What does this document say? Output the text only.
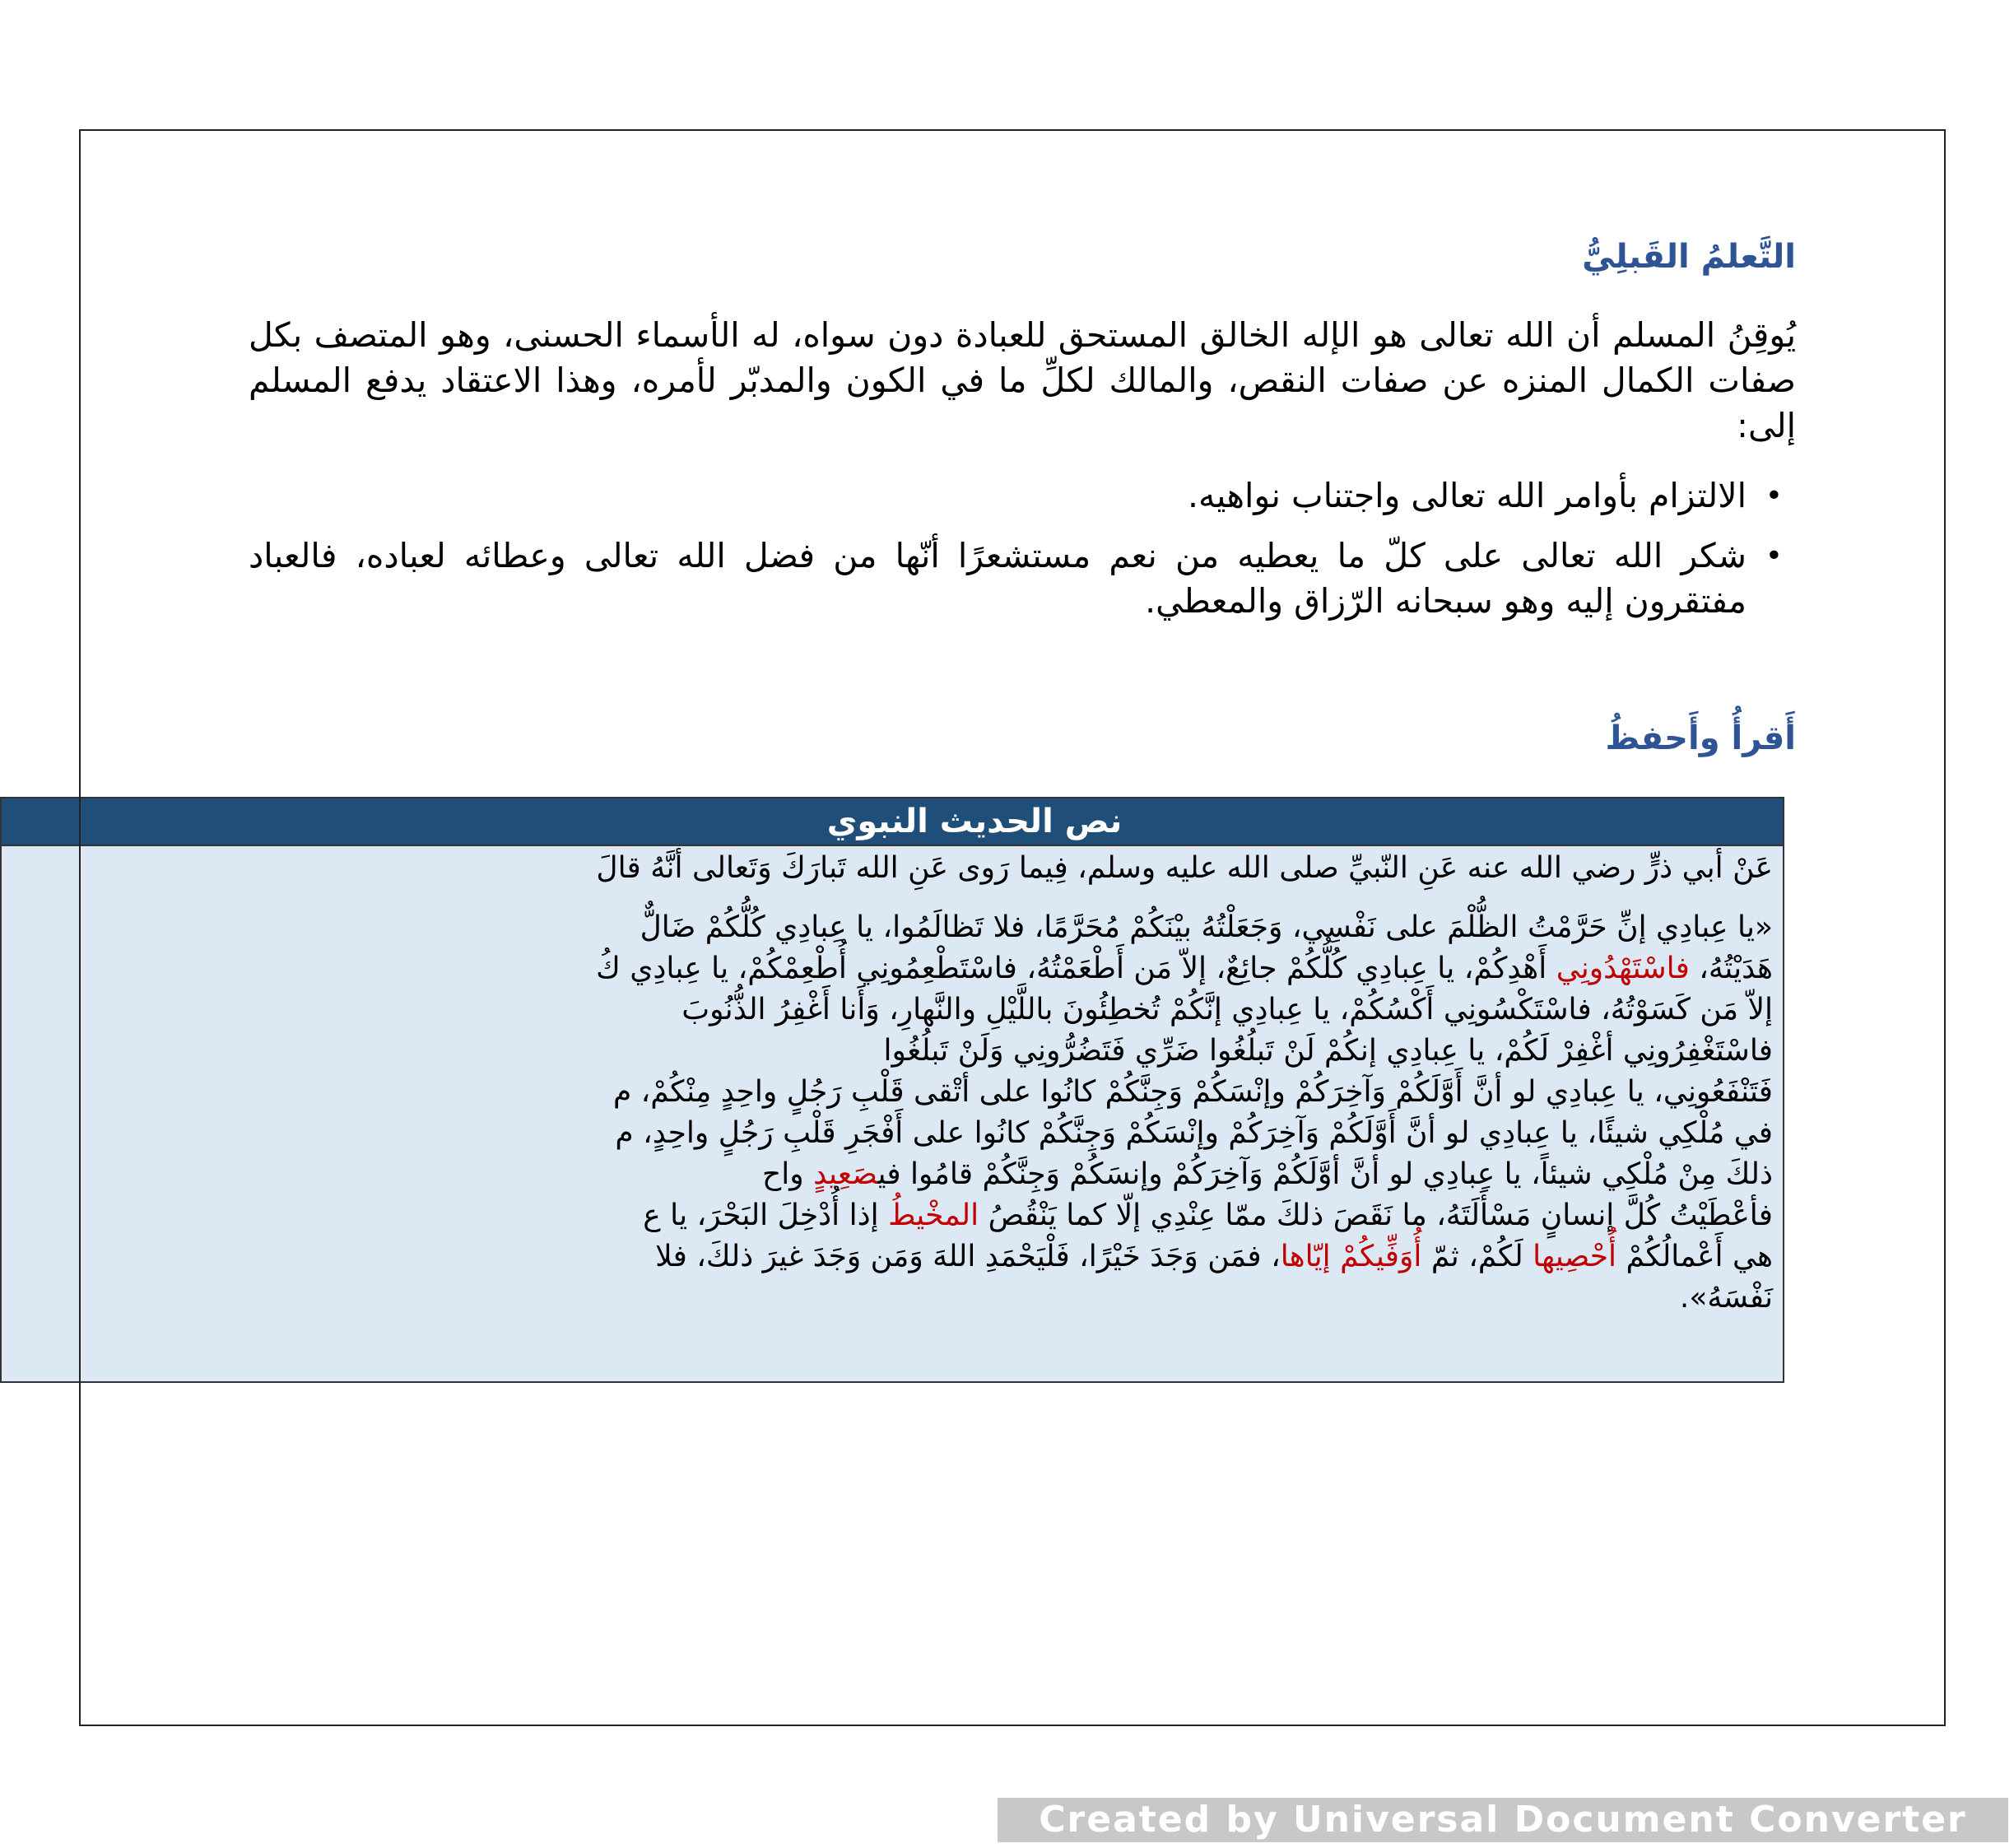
التَّعلمُ القَبلِيُّ
يُوقِنُ المسلم أن الله تعالى هو الإله الخالق المستحق للعبادة دون سواه، له الأسماء الحسنى، وهو المتصف بكل صفات الكمال المنزه عن صفات النقص، والمالك لكلِّ ما في الكون والمدبّر لأمره، وهذا الاعتقاد يدفع المسلم إلى:
•
الالتزام بأوامر الله تعالى واجتناب نواهيه.
•
شكر الله تعالى على كلّ ما يعطيه من نعم مستشعرًا أنّها من فضل الله تعالى وعطائه لعباده، فالعباد مفتقرون إليه وهو سبحانه الرّزاق والمعطي.
أَقرأُ وأَحفظُ
نص الحديث النبوي
عَنْ أبي ذرٍّ رضي الله عنه عَنِ النّبيِّ صلى الله عليه وسلم، فِيما رَوى عَنِ الله تَبارَكَ وَتَعالى أنَّهُ قالَ
«يا عِبادِي إنِّ حَرَّمْتُ الظُّلْمَ على نَفْسِي، وَجَعَلْتُهُ بيْنَكُمْ مُحَرَّمًا، فلا تَظالَمُوا، يا عِبادِي كُلُّكُمْ ضَالٌّ
هَدَيْتُهُ، فاسْتَهْدُونِي أَهْدِكُمْ، يا عِبادِي كُلُّكُمْ جائِعٌ، إلاّ مَن أَطْعَمْتُهُ، فاسْتَطْعِمُونِي أُطْعِمْكُمْ، يا عِبادِي كُ
إلاّ مَن كَسَوْتُهُ، فاسْتَكْسُونِي أَكْسُكُمْ، يا عِبادِي إنَّكُمْ تُخطِئُونَ باللَّيْلِ والنَّهارِ، وَأَنا أَغْفِرُ الذُّنُوبَ
فاسْتَغْفِرُونِي أغْفِرْ لَكُمْ، يا عِبادِي إنكُمْ لَنْ تَبلُغُوا ضَرِّي فَتَضُرُّونِي وَلَنْ تَبلُغُوا
فَتَنْفَعُونِي، يا عِبادِي لو أنَّ أَوَّلَكُمْ وَآخِرَكُمْ وإنْسَكُمْ وَجِنَّكُمْ كانُوا على أتْقى قَلْبِ رَجُلٍ واحِدٍ مِنْكُمْ، م
في مُلْكِي شيئًا، يا عِبادِي لو أنَّ أَوَّلَكُمْ وَآخِرَكُمْ وإنْسَكُمْ وَجِنَّكُمْ كانُوا على أَفْجَرِ قَلْبِ رَجُلٍ واحِدٍ، م
ذلكَ مِنْ مُلْكِي شيئاً، يا عِبادِي لو أنَّ أوَّلَكُمْ وَآخِرَكُمْ وإنسَكُمْ وَجِنَّكُمْ قامُوا فيصَعِيدٍ واح
فأعْطَيْتُ كُلَّ إنسانٍ مَسْأَلَتَهُ، ما نَقَصَ ذلكَ ممّا عِنْدِي إلّا كما يَنْقُصُ المخْيطُ إذا أُدْخِلَ البَحْرَ، يا ع
هي أَعْمالُكُمْ أُحْصِيها لَكُمْ، ثمّ أُوَفِّيكُمْ إيّاها، فمَن وَجَدَ خَيْرًا، فَلْيَحْمَدِ اللهَ وَمَن وَجَدَ غيرَ ذلكَ، فلا
نَفْسَهُ».
Created by Universal Document Converter
